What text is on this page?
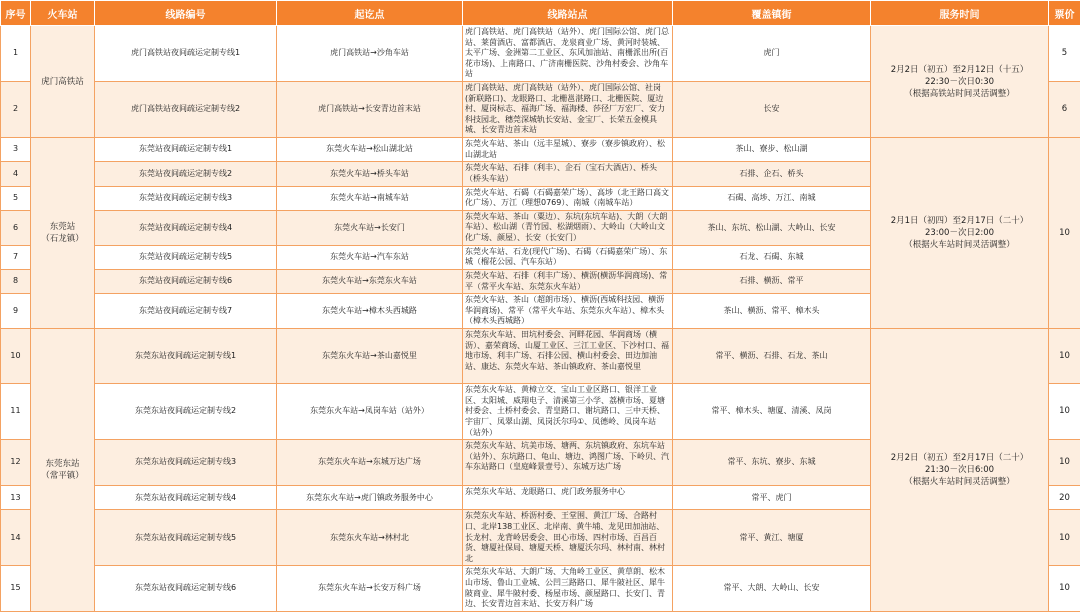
序号	火车站	线路编号	起讫点	线路站点	覆盖镇街	服务时间	票价
1	虎门高铁站	虎门高铁站夜间疏运定制专线1	虎门高铁站→沙角车站	虎门高铁站、虎门高铁站（站外）、虎门国际公馆、虎门总站、莱茵酒店、富都酒店、龙泉商业广场、黄河时装城、太平广场、金洲第二工业区、东风加油站、南栅派出所(百花市场)、上南路口、广济南栅医院、沙角村委会、沙角车站	虎门	2月2日（初五）至2月12日（十五）
22:30－次日0:30
（根据高铁站时间灵活调整）	5
2		虎门高铁站夜间疏运定制专线2	虎门高铁站→长安青边首末站	虎门高铁站、虎门高铁站（站外）、虎门国际公馆、社岗(新联路口)、龙眼路口、北栅邕湛路口、北栅医院、厦边村、厦岗标志、福海广场、福海楼、莎径厂万宏厂、安力科技园北、穗莞深城轨长安站、金宝厂、长荣五金模具城、长安青边首末站	长安		6
3	东莞站
（石龙镇）	东莞站夜间疏运定制专线1	东莞火车站→松山湖北站	东莞火车站、茶山（远丰星城）、寮步（寮步镇政府）、松山湖北站	茶山、寮步、松山湖	2月1日（初四）至2月17日（二十）
23:00－次日2:00
（根据火车站时间灵活调整）	10
4		东莞站夜间疏运定制专线2	东莞火车站→桥头车站	东莞火车站、石排（利丰）、企石（宝石大酒店）、桥头（桥头车站）	石排、企石、桥头		
5		东莞站夜间疏运定制专线3	东莞火车站→南城车站	东莞火车站、石碣（石碣嘉荣广场）、高埗（北王路口高文化广场）、万江（理想0769）、南城（南城车站）	石碣、高埗、万江、南城		
6		东莞站夜间疏运定制专线4	东莞火车站→长安门	东莞火车站、茶山（粟边）、东坑(东坑车站)、大朗（大朗车站）、松山湖（青竹园、松湖烟雨）、大岭山（大岭山文化广场、颜屋）、长安（长安门）	茶山、东坑、松山湖、大岭山、长安		
7		东莞站夜间疏运定制专线5	东莞火车站→汽车东站	东莞火车站、石龙(现代广场)、石碣（石碣嘉荣广场）、东城（榴花公园、汽车东站）	石龙、石碣、东城		
8		东莞站夜间疏运定制专线6	东莞火车站→东莞东火车站	东莞火车站、石排（利丰广场）、横沥(横沥华润商场)、常平（常平火车站、东莞东火车站）	石排、横沥、常平		
9		东莞站夜间疏运定制专线7	东莞火车站→樟木头西城路	东莞火车站、茶山（超朗市场）、横沥(西城科技园、横沥华润商场)、常平（常平火车站、东莞东火车站）、樟木头（樟木头西城路）	茶山、横沥、常平、樟木头		
10	东莞东站
（常平镇）	东莞东站夜间疏运定制专线1	东莞东火车站→茶山嘉悦里	东莞东火车站、田坑村委会、河畔花园、华润商场（横沥）、嘉荣商场、山厦工业区、三江工业区、下沙村口、福地市场、利丰广场、石排公园、横山村委会、田边加油站、康达、东莞火车站、茶山镇政府、茶山嘉悦里	常平、横沥、石排、石龙、茶山	2月2日（初五）至2月17日（二十）
21:30－次日6:00
（根据火车站时间灵活调整）	10
11		东莞东站夜间疏运定制专线2	东莞东火车站→凤岗车站（站外）	东莞东火车站、黄樟立交、宝山工业区路口、银洋工业区、太阳城、威翔电子、清溪第三小学、荔横市场、夏塘村委会、土桥村委会、青皇路口、谢坑路口、三中天桥、宇宙厂、凤翠山湖、凤岗沃尔玛①、凤德岭、凤岗车站（站外）	常平、樟木头、塘厦、清溪、凤岗		10
12		东莞东站夜间疏运定制专线3	东莞东火车站→东城万达广场	东莞东火车站、坑美市场、塘两、东坑镇政府、东坑车站（站外）、东坑路口、龟山、塘边、鸿图广场、下岭贝、汽车东站路口（皇庭峰景壹号）、东城万达广场	常平、东坑、寮步、东城		10
13		东莞东站夜间疏运定制专线4	东莞东火车站→虎门镇政务服务中心	东莞东火车站、龙眼路口、虎门政务服务中心	常平、虎门		20
14		东莞东站夜间疏运定制专线5	东莞东火车站→林村北	东莞东火车站、桥沥村委、王堂围、黄江厂场、合路村口、北岸138工业区、北岸南、黄牛埔、龙见田加油站、长龙村、龙背岭居委会、田心市场、四村市场、百昌百货、塘厦社保局、塘厦天桥、塘厦沃尔玛、林村南、林村北	常平、黄江、塘厦		10
15		东莞东站夜间疏运定制专线6	东莞东火车站→长安万科广场	东莞东火车站、大朗广场、大角岭工业区、黄草朗、松木山市场、鲁山工业城、公凹三路路口、犀牛陂社区、犀牛陂商业、犀牛陂村委、杨屋市场、颜屋路口、长安门、青边、长安青边首末站、长安万科广场	常平、大朗、大岭山、长安		10
